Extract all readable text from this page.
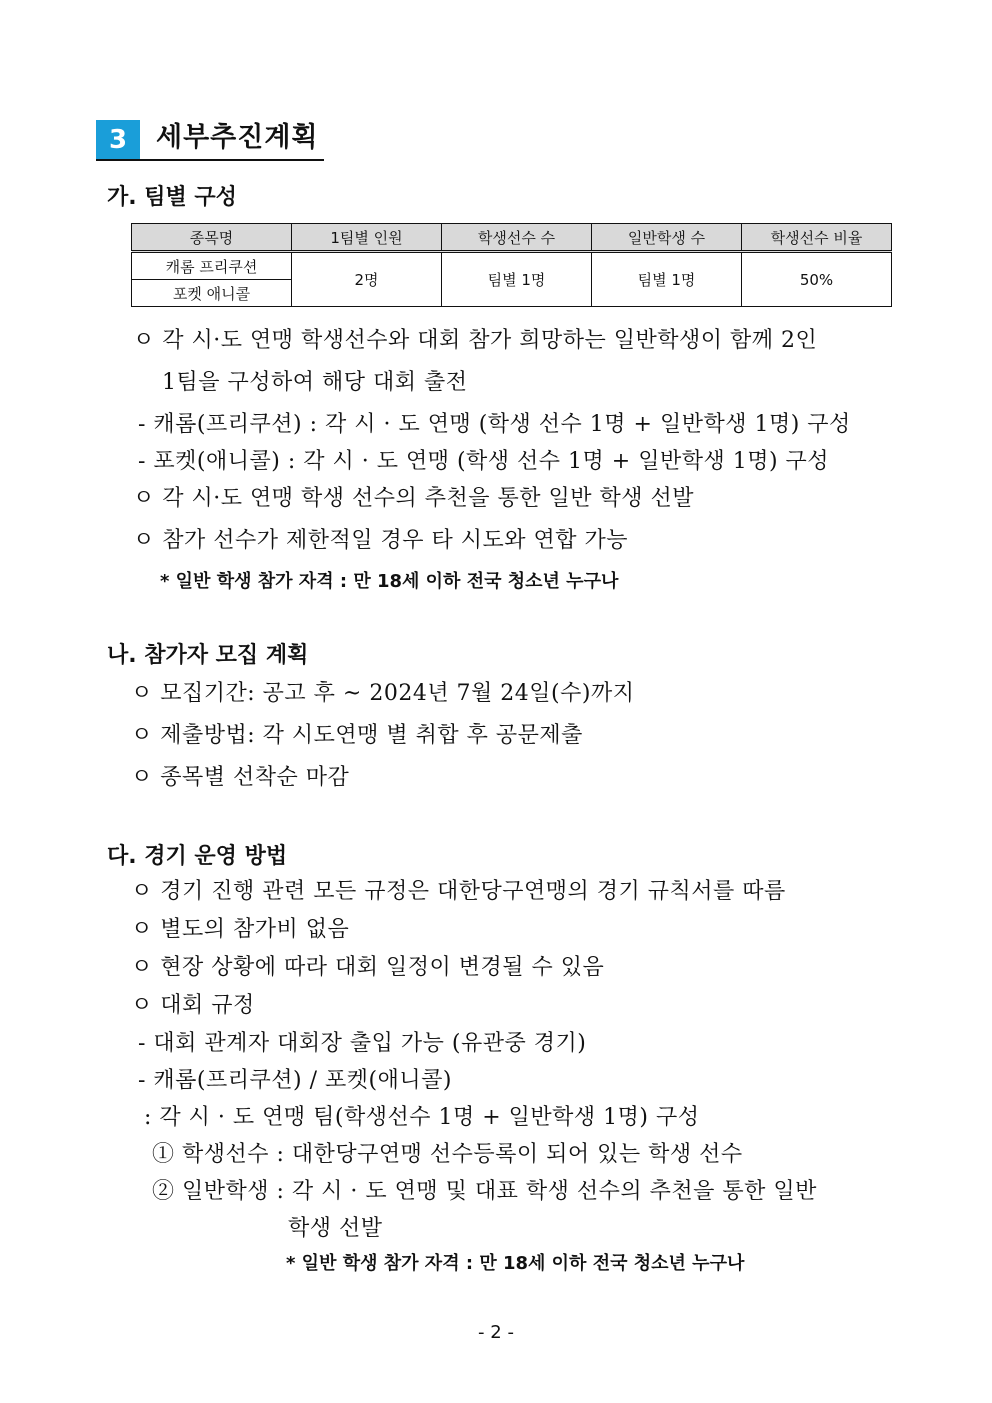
3	세부추진계획
가. 팀별 구성
종목명	1팀별 인원	학생선수 수	일반학생 수	학생선수 비율
캐롬 프리쿠션	2명	팀별 1명	팀별 1명	50%
포켓 애니콜				
ㅇ 각 시·도 연맹 학생선수와 대회 참가 희망하는 일반학생이 함께 2인
1팀을 구성하여 해당 대회 출전
- 캐롬(프리쿠션) : 각 시 · 도 연맹 (학생 선수 1명 + 일반학생 1명) 구성
- 포켓(애니콜) : 각 시 · 도 연맹 (학생 선수 1명 + 일반학생 1명) 구성
ㅇ 각 시·도 연맹 학생 선수의 추천을 통한 일반 학생 선발
ㅇ 참가 선수가 제한적일 경우 타 시도와 연합 가능
* 일반 학생 참가 자격 : 만 18세 이하 전국 청소년 누구나
나. 참가자 모집 계획
ㅇ 모집기간: 공고 후 ~ 2024년 7월 24일(수)까지
ㅇ 제출방법: 각 시도연맹 별 취합 후 공문제출
ㅇ 종목별 선착순 마감
다. 경기 운영 방법
ㅇ 경기 진행 관련 모든 규정은 대한당구연맹의 경기 규칙서를 따름
ㅇ 별도의 참가비 없음
ㅇ 현장 상황에 따라 대회 일정이 변경될 수 있음
ㅇ 대회 규정
- 대회 관계자 대회장 출입 가능 (유관중 경기)
- 캐롬(프리쿠션) / 포켓(애니콜)
: 각 시 · 도 연맹 팀(학생선수 1명 + 일반학생 1명) 구성
① 학생선수 : 대한당구연맹 선수등록이 되어 있는 학생 선수
② 일반학생 : 각 시 · 도 연맹 및 대표 학생 선수의 추천을 통한 일반
학생 선발
* 일반 학생 참가 자격 : 만 18세 이하 전국 청소년 누구나
- 2 -
